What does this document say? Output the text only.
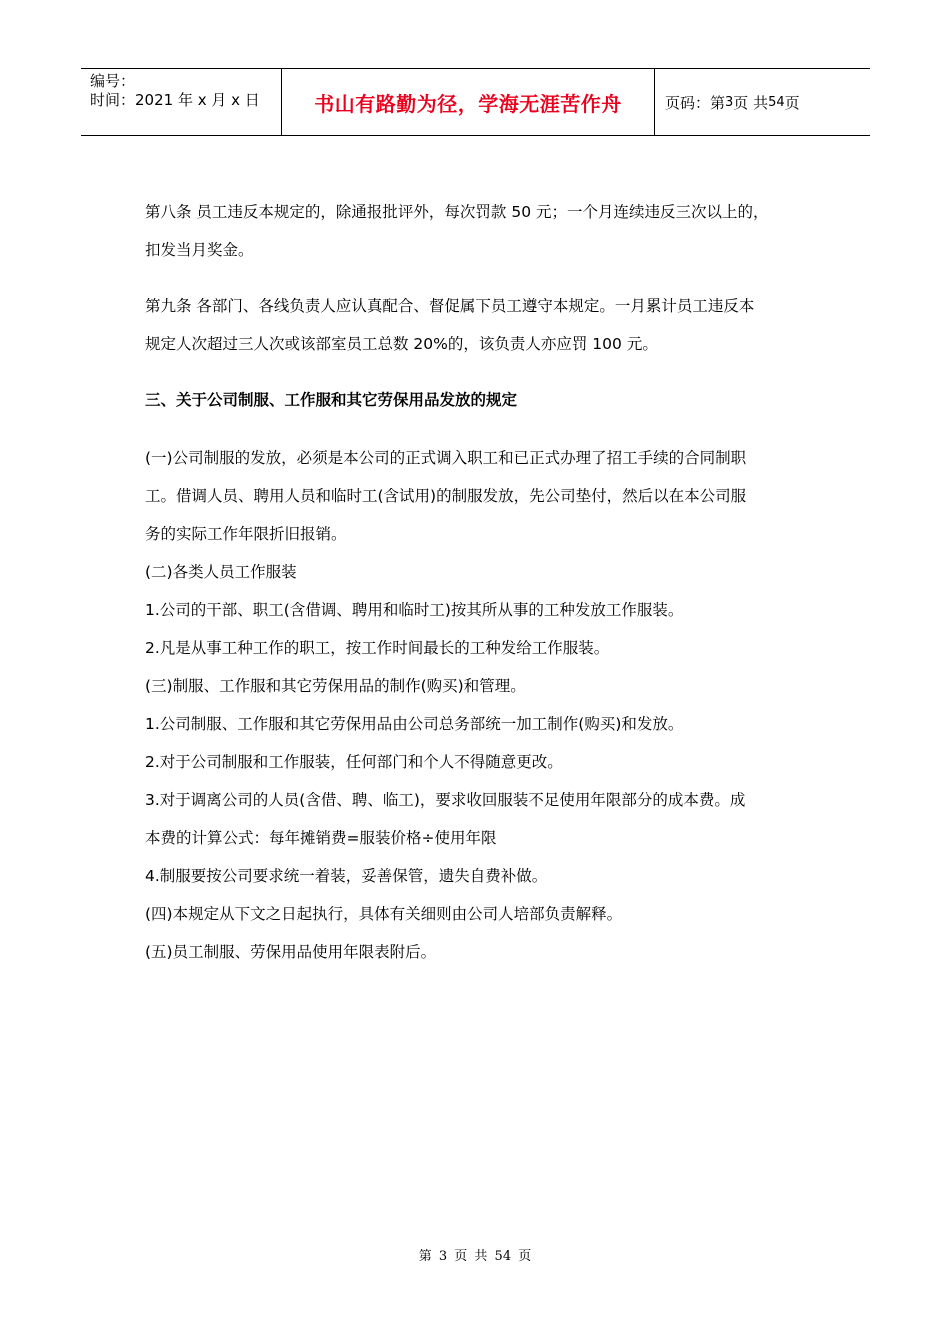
编号：
时间：2021 年 x 月 x 日	书山有路勤为径，学海无涯苦作舟	页码：第 3 页 共 54 页

第八条 员工违反本规定的，除通报批评外，每次罚款 50 元；一个月连续违反三次以上的，

扣发当月奖金。

第九条 各部门、各线负责人应认真配合、督促属下员工遵守本规定。一月累计员工违反本

规定人次超过三人次或该部室员工总数 20%的，该负责人亦应罚 100 元。

三、关于公司制服、工作服和其它劳保用品发放的规定

(一)公司制服的发放，必须是本公司的正式调入职工和已正式办理了招工手续的合同制职

工。借调人员、聘用人员和临时工(含试用)的制服发放，先公司垫付，然后以在本公司服

务的实际工作年限折旧报销。

(二)各类人员工作服装

1.公司的干部、职工(含借调、聘用和临时工)按其所从事的工种发放工作服装。

2.凡是从事工种工作的职工，按工作时间最长的工种发给工作服装。

(三)制服、工作服和其它劳保用品的制作(购买)和管理。

1.公司制服、工作服和其它劳保用品由公司总务部统一加工制作(购买)和发放。

2.对于公司制服和工作服装，任何部门和个人不得随意更改。

3.对于调离公司的人员(含借、聘、临工)，要求收回服装不足使用年限部分的成本费。成

本费的计算公式：每年摊销费=服装价格÷使用年限

4.制服要按公司要求统一着装，妥善保管，遗失自费补做。

(四)本规定从下文之日起执行，具体有关细则由公司人培部负责解释。

(五)员工制服、劳保用品使用年限表附后。

第 3 页 共 54 页
